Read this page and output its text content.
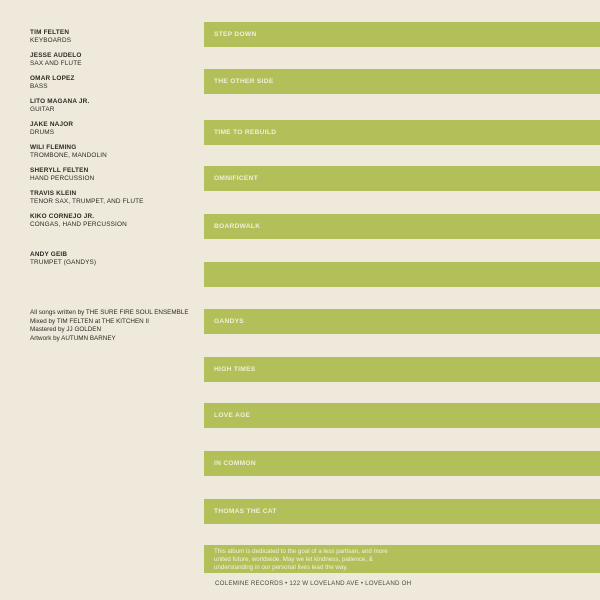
TIM FELTEN
KEYBOARDS
JESSE AUDELO
SAX AND FLUTE
OMAR LOPEZ
BASS
LITO MAGANA JR.
GUITAR
JAKE NAJOR
DRUMS
WILI FLEMING
TROMBONE, MANDOLIN
SHERYLL FELTEN
HAND PERCUSSION
TRAVIS KLEIN
TENOR SAX, TRUMPET, AND FLUTE
KIKO CORNEJO JR.
CONGAS, HAND PERCUSSION
ANDY GEIB
TRUMPET (GANDYS)
All songs written by THE SURE FIRE SOUL ENSEMBLE
Mixed by TIM FELTEN at THE KITCHEN II
Mastered by JJ GOLDEN
Artwork by AUTUMN BARNEY
STEP DOWN
THE OTHER SIDE
TIME TO REBUILD
OMNIFICENT
BOARDWALK
GANDYS
HIGH TIMES
LOVE AGE
IN COMMON
THOMAS THE CAT
This album is dedicated to the goal of a less partisan, and more united future, worldwide. May we let kindness, patience, & understanding in our personal lives lead the way.
COLEMINE RECORDS • 122 W LOVELAND AVE • LOVELAND OH
